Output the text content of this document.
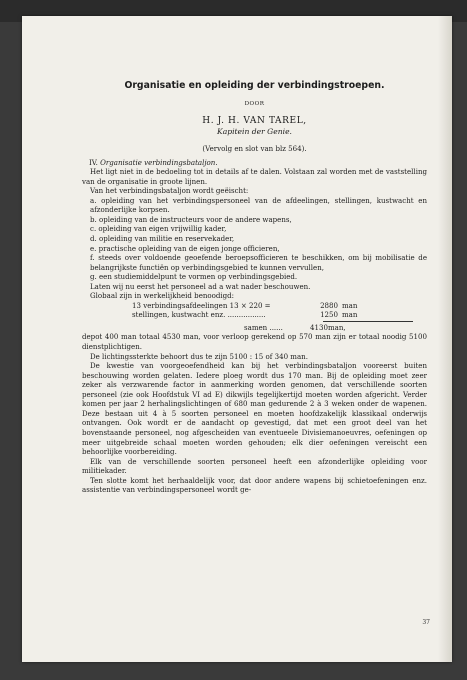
Organisatie en opleiding der verbindingstroepen.
DOOR
H. J. H. VAN TAREL,
Kapitein der Genie.
(Vervolg en slot van blz 564).
IV. Organisatie verbindingsbataljon.

Het ligt niet in de bedoeling tot in details af te dalen. Volstaan zal worden met de vaststelling van de organisatie in groote lijnen.

Van het verbindingsbataljon wordt geëischt:

a. opleiding van het verbindingspersoneel van de afdeelingen, stellingen, kustwacht en afzonderlijke korpsen.

b. opleiding van de instructeurs voor de andere wapens,

c. opleiding van eigen vrijwillig kader,

d. opleiding van militie en reservekader,

e. practische opleiding van de eigen jonge officieren,

f. steeds over voldoende geoefende beroepsofficieren te beschikken, om bij mobilisatie de belangrijkste functiën op verbindingsgebied te kunnen vervullen,

g. een studiemiddelpunt te vormen op verbindingsgebied.

Laten wij nu eerst het personeel ad a wat nader beschouwen.

Globaal zijn in werkelijkheid benoodigd:

13 verbindingsafdeelingen 13 × 220 =	2880 man
stellingen, kustwacht enz. .................	1250 man
samen ......	4130 man,

depot 400 man totaal 4530 man, voor verloop gerekend op 570 man zijn er totaal noodig 5100 dienstplichtigen.

De lichtingssterkte behoort dus te zijn 5100 : 15 of 340 man.

De kwestie van voorgeoefendheid kan bij het verbindingsbataljon vooreerst buiten beschouwing worden gelaten. Iedere ploeg wordt dus 170 man. Bij de opleiding moet zeer zeker als verzwarende factor in aanmerking worden genomen, dat verschillende soorten personeel (zie ook Hoofdstuk VI ad E) dikwijls tegelijkertijd moeten worden afgericht. Verder komen per jaar 2 herhalingslichtingen of 680 man gedurende 2 à 3 weken onder de wapenen. Deze bestaan uit 4 à 5 soorten personeel en moeten hoofdzakelijk klassikaal onderwijs ontvangen. Ook wordt er de aandacht op gevestigd, dat met een groot deel van het bovenstaande personeel, nog afgescheiden van eventueele Divisiemanoeuvres, oefeningen op meer uitgebreide schaal moeten worden gehouden; elk dier oefeningen vereischt een behoorlijke voorbereiding.

Elk van de verschillende soorten personeel heeft een afzonderlijke opleiding voor militiekader.

Ten slotte komt het herhaaldelijk voor, dat door andere wapens bij schietoefeningen enz. assistentie van verbindingspersoneel wordt ge-

37
